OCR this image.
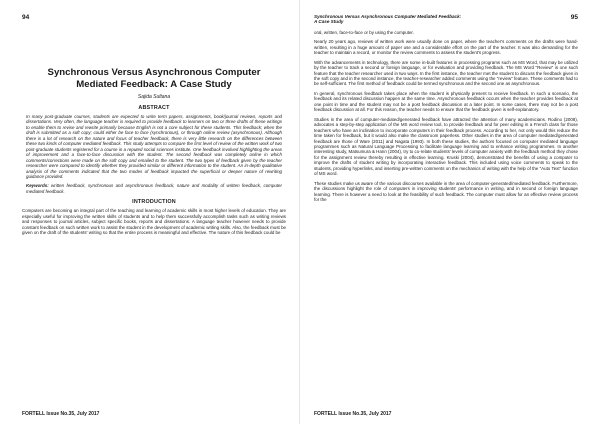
94
Synchronous Versus Asynchronous Computer Mediated Feedback: A Case Study
Sajida Sultana
ABSTRACT

In many post-graduate courses, students are expected to write term papers, assignments, book/journal reviews, reports and dissertations. Very often, the language teacher is required to provide feedback to learners on two or three drafts of these writings to enable them to revise and rewrite primarily because English is not a core subject for these students. This feedback; when the draft is submitted as a soft copy; could either be face to face (synchronous), or through online review (asynchronous). Although there is a lot of research on the nature and focus of teacher feedback, there is very little research on the differences between these two kinds of computer mediated feedback. This study attempts to compare the first level of review of the written work of two post-graduate students registered for a course in a reputed social sciences institute. One feedback involved highlighting the areas of improvement and a face-to-face discussion with the student. The second feedback was completely online in which comments/corrections were made on the soft copy and emailed to the student. The two types of feedback given by the teacher researcher were compared to identify whether they provided similar or different information to the student. An in-depth qualitative analysis of the comments indicated that the two modes of feedback impacted the superficial or deeper nature of rewriting guidance provided.

Keywords: written feedback, synchronous and asynchronous feedback, nature and modality of written feedback, computer mediated feedback.

INTRODUCTION

Computers are becoming an integral part of the teaching and learning of academic skills in most higher levels of education. They are especially useful for improving the written skills of students and to help them successfully accomplish tasks such as writing reviews and responses to journal articles, subject specific books, reports and dissertations. A language teacher however needs to provide constant feedback on such written work to assist the student in the development of academic writing skills. Also, the feedback must be given on the draft of the students' writing so that the entire process is meaningful and effective. The nature of this feedback could be

FORTELL Issue No.35, July 2017
Synchronous Versus Asynchronous Computer Mediated Feedback:
A Case Study
95

oral, written, face-to-face or by using the computer.

Nearly 20 years ago, reviews of written work were usually done on paper, where the teacher's comments on the drafts were hand-written, resulting in a huge amount of paper use and a considerable effort on the part of the teacher. It was also demanding for the teacher to maintain a record, or monitor the review comments to assess the student's progress.

With the advancements in technology, there are some in-built features in processing programs such as MS Word, that may be utilized by the teacher to track a second or foreign language, or for evaluation and providing feedback. The MS Word "Review" is one such feature that the teacher researcher used in two ways. In the first instance, the teacher met the student to discuss the feedback given in the soft copy and in the second instance, the teacher-researcher added comments using the "review" feature. These comments had to be self-sufficient. The first method of feedback could be termed synchronous and the second one as asynchronous.

In general, synchronous feedback takes place when the student is physically present to receive feedback. In such a scenario, the feedback and its related discussion happen at the same time. Asynchronous feedback occurs when the teacher provides feedback at one point in time and the student may not be a post feedback discussion at a later point. In some cases, there may not be a post feedback discussion at all. For this reason, the teacher needs to ensure that the feedback given is self-explanatory.

Studies in the area of computer-mediated/generated feedback have attracted the attention of many academicians. Rodino (2008), advocates a step-by-step application of the MS word review tool, to provide feedback and for peer editing in a French class for those teachers who have an inclination to incorporate computers in their feedback process. According to her, not only would this reduce the time taken for feedback, but it would also make the classroom paperless. Other studies in the area of computer mediated/generated feedback are those of Ware (2011) and Nagata (1993). In both these studies, the authors focused on computer mediated language programmes such as Natural Language Processing to facilitate language learning and to enhance writing programmes. In another interesting study, Matsumura & Hann (2004), try to co-relate students' levels of computer anxiety with the feedback method they chose for the assignment review thereby resulting in effective learning. Kruski (2004), demonstrated the benefits of using a computer to improve the drafts of student writing by incorporating interactive feedback. This included using voice comments to speak to the students, providing hyperlinks, and inserting pre-written comments on the mechanics of writing with the help of the "Auto Text" function of MS word.

These studies make us aware of the various discourses available in the area of computer-generated/mediated feedback. Furthermore, the discussions highlight the role of computers in improving students' performance in writing, and in second or foreign language learning. There is however a need to look at the feasibility of such feedback. The computer must allow for an effective review process for the

FORTELL Issue No.35, July 2017
